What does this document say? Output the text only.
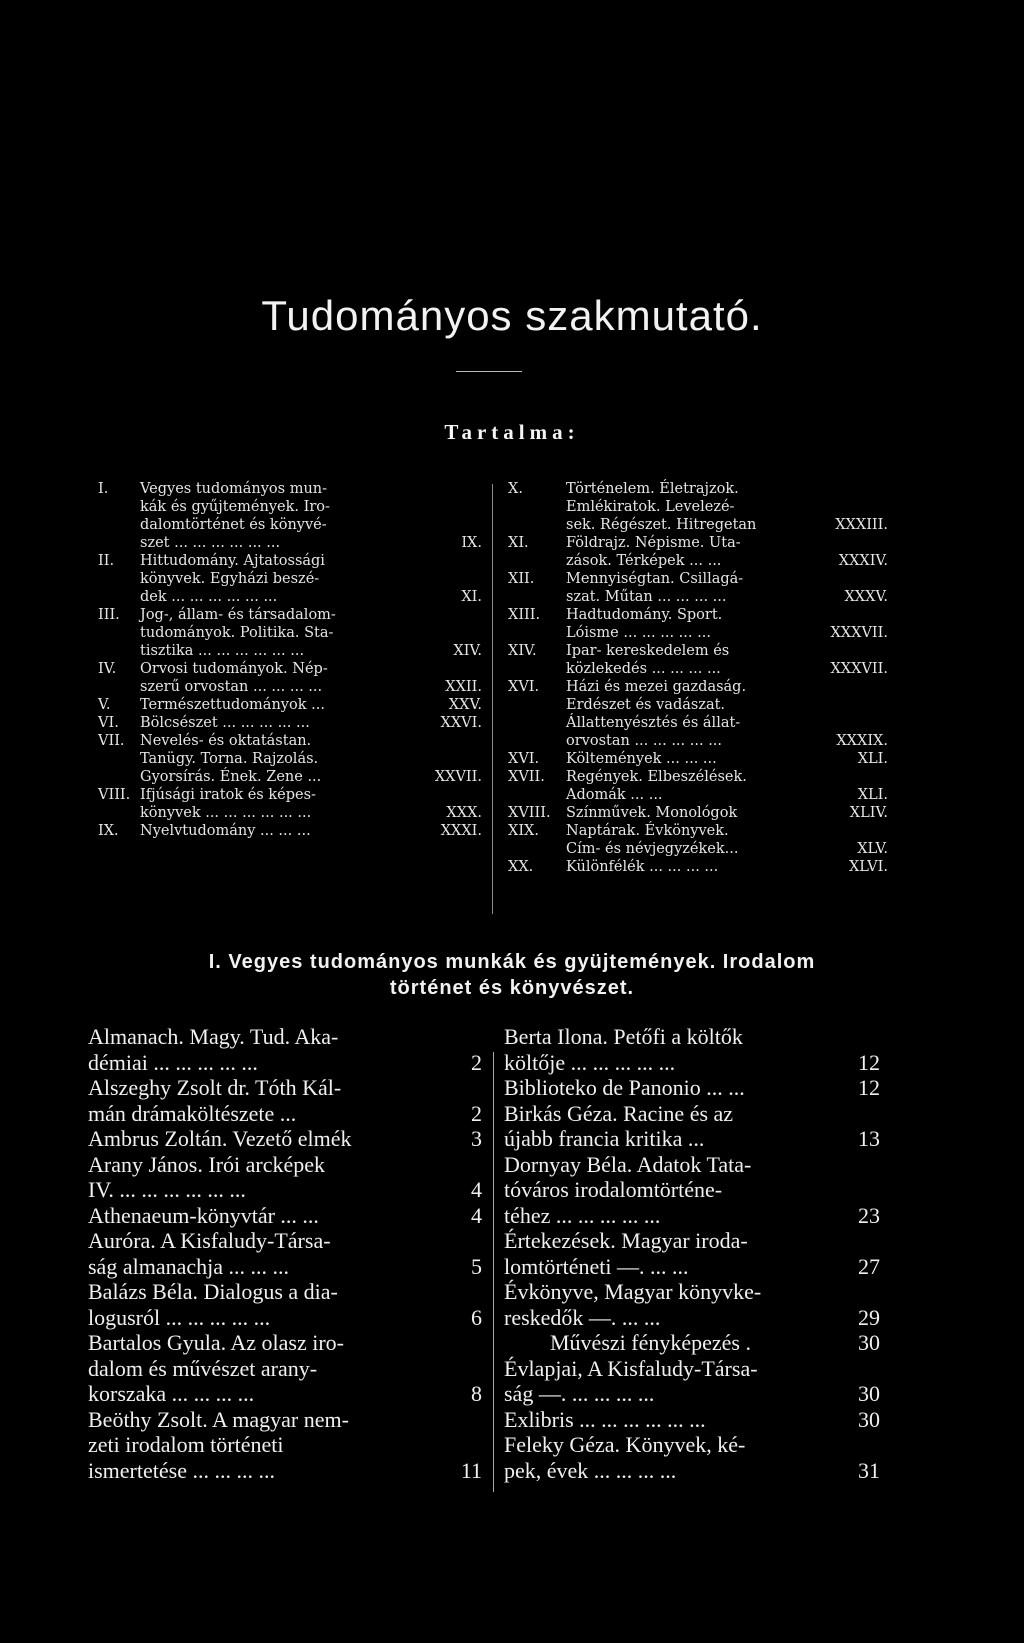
Tudományos szakmutató.
Tartalma:
I.	Vegyes tudományos mun-
kák és gyűjtemények. Iro-
dalomtörténet és könyvé-
szet ... ... ... ... ... ...	IX.
II.	Hittudomány. Ajtatossági
könyvek. Egyházi beszé-
dek ... ... ... ... ... ...	XI.
III.	Jog-, állam- és társadalom-
tudományok. Politika. Sta-
tisztika ... ... ... ... ... ...	XIV.
IV.	Orvosi tudományok. Nép-
szerű orvostan ... ... ... ...	XXII.
V.	Természettudományok ...	XXV.
VI.	Bölcsészet ... ... ... ... ...	XXVI.
VII. Nevelés- és oktatástan.
Tanügy. Torna. Rajzolás.
Gyorsírás. Ének. Zene ...	XXVII.
VIII. Ifjúsági iratok és képes-
könyvek ... ... ... ... ... ...	XXX.
IX.	Nyelvtudomány ... ... ...	XXXI.
X.	Történelem. Életrajzok.
Emlékiratok. Levelezé-
sek. Régészet. Hitregetan	XXXIII.
XI.	Földrajz. Népisme. Uta-
zások. Térképek ... ...	XXXIV.
XII.	Mennyiségtan. Csillagá-
szat. Műtan ... ... ... ...	XXXV.
XIII.	Hadtudomány. Sport.
Lóisme ... ... ... ... ...	XXXVII.
XIV.	Ipar- kereskedelem és
közlekedés ... ... ... ...	XXXVII.
XVI.	Házi és mezei gazdaság.
Erdészet és vadászat.
Állattenyésztés és állat-
orvostan ... ... ... ... ...	XXXIX.
XVI.	Költemények ... ... ...	XLI.
XVII.	Regények. Elbeszélések.
Adomák ... ...	XLI.
XVIII.	Színművek. Monológok	XLIV.
XIX.	Naptárak. Évkönyvek.
Cím- és névjegyzékek...	XLV.
XX.	Különfélék ... ... ... ...	XLVI.
I. Vegyes tudományos munkák és gyüjtemények. Irodalom
történet és könyvészet.
Almanach. Magy. Tud. Aka-
démiai ... ... ... ... ...	2
Alszeghy Zsolt dr. Tóth Kál-
mán drámaköltészete ...	2
Ambrus Zoltán. Vezető elmék	3
Arany János. Irói arcképek
IV. ... ... ... ... ... ...	4
Athenaeum-könyvtár ... ...	4
Auróra. A Kisfaludy-Társa-
ság almanachja ... ... ...	5
Balázs Béla. Dialogus a dia-
logusról ... ... ... ... ...	6
Bartalos Gyula. Az olasz iro-
dalom és művészet arany-
korszaka ... ... ... ...	8
Beöthy Zsolt. A magyar nem-
zeti irodalom történeti
ismertetése ... ... ... ...	11
Berta Ilona. Petőfi a költők
költője ... ... ... ... ...	12
Biblioteko de Panonio ... ...	12
Birkás Géza. Racine és az
újabb francia kritika ...	13
Dornyay Béla. Adatok Tata-
tóváros irodalomtörténe-
téhez ... ... ... ... ...	23
Értekezések. Magyar iroda-
lomtörténeti —. ... ...	27
Évkönyve, Magyar könyvke-
reskedők —. ... ...	29
Művészi fényképezés .	30
Évlapjai, A Kisfaludy-Társa-
ság —. ... ... ... ...	30
Exlibris ... ... ... ... ... ...	30
Feleky Géza. Könyvek, ké-
pek, évek ... ... ... ...	31
